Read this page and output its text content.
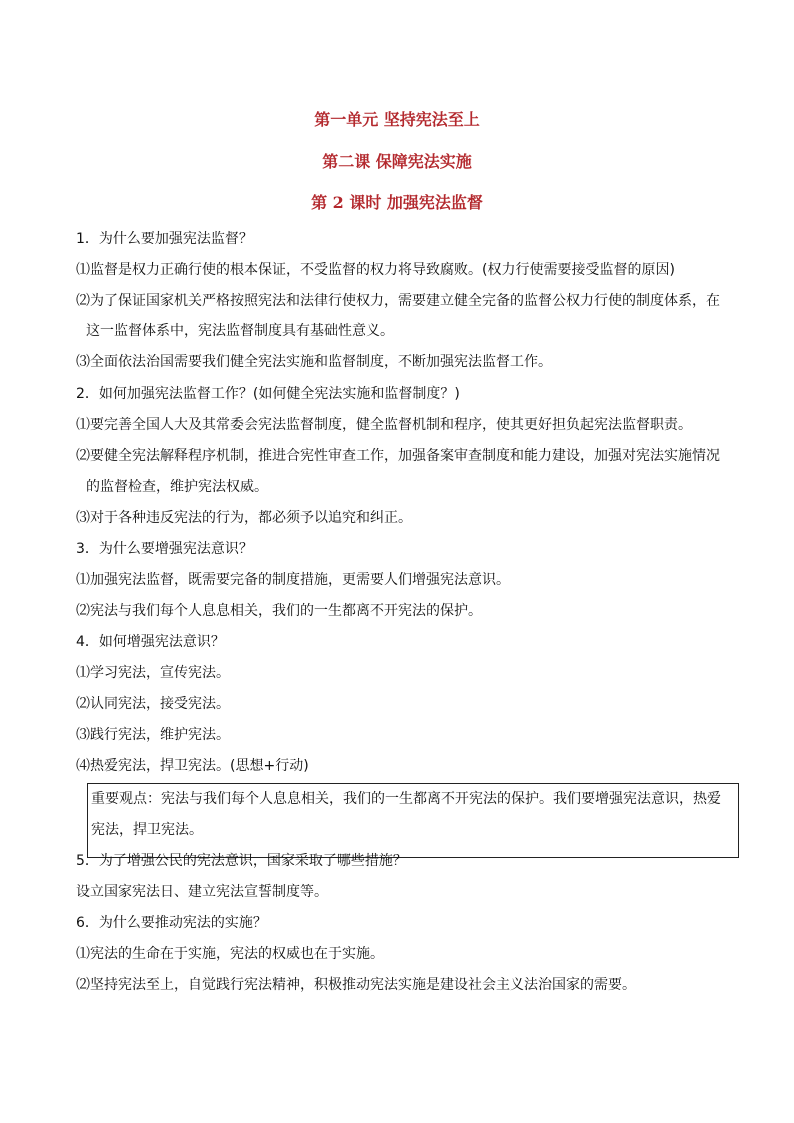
第一单元 坚持宪法至上
第二课 保障宪法实施
第 2 课时 加强宪法监督
1．为什么要加强宪法监督？
⑴监督是权力正确行使的根本保证，不受监督的权力将导致腐败。(权力行使需要接受监督的原因)
⑵为了保证国家机关严格按照宪法和法律行使权力，需要建立健全完备的监督公权力行使的制度体系，在
这一监督体系中，宪法监督制度具有基础性意义。
⑶全面依法治国需要我们健全宪法实施和监督制度，不断加强宪法监督工作。
2．如何加强宪法监督工作？(如何健全宪法实施和监督制度？)
⑴要完善全国人大及其常委会宪法监督制度，健全监督机制和程序，使其更好担负起宪法监督职责。
⑵要健全宪法解释程序机制，推进合宪性审查工作，加强备案审查制度和能力建设，加强对宪法实施情况
的监督检查，维护宪法权威。
⑶对于各种违反宪法的行为，都必须予以追究和纠正。
3．为什么要增强宪法意识？
⑴加强宪法监督，既需要完备的制度措施，更需要人们增强宪法意识。
⑵宪法与我们每个人息息相关，我们的一生都离不开宪法的保护。
4．如何增强宪法意识？
⑴学习宪法，宣传宪法。
⑵认同宪法，接受宪法。
⑶践行宪法，维护宪法。
⑷热爱宪法，捍卫宪法。(思想+行动)
重要观点：宪法与我们每个人息息相关，我们的一生都离不开宪法的保护。我们要增强宪法意识，热爱
宪法，捍卫宪法。
5．为了增强公民的宪法意识，国家采取了哪些措施？
设立国家宪法日、建立宪法宣誓制度等。
6．为什么要推动宪法的实施？
⑴宪法的生命在于实施，宪法的权威也在于实施。
⑵坚持宪法至上，自觉践行宪法精神，积极推动宪法实施是建设社会主义法治国家的需要。
